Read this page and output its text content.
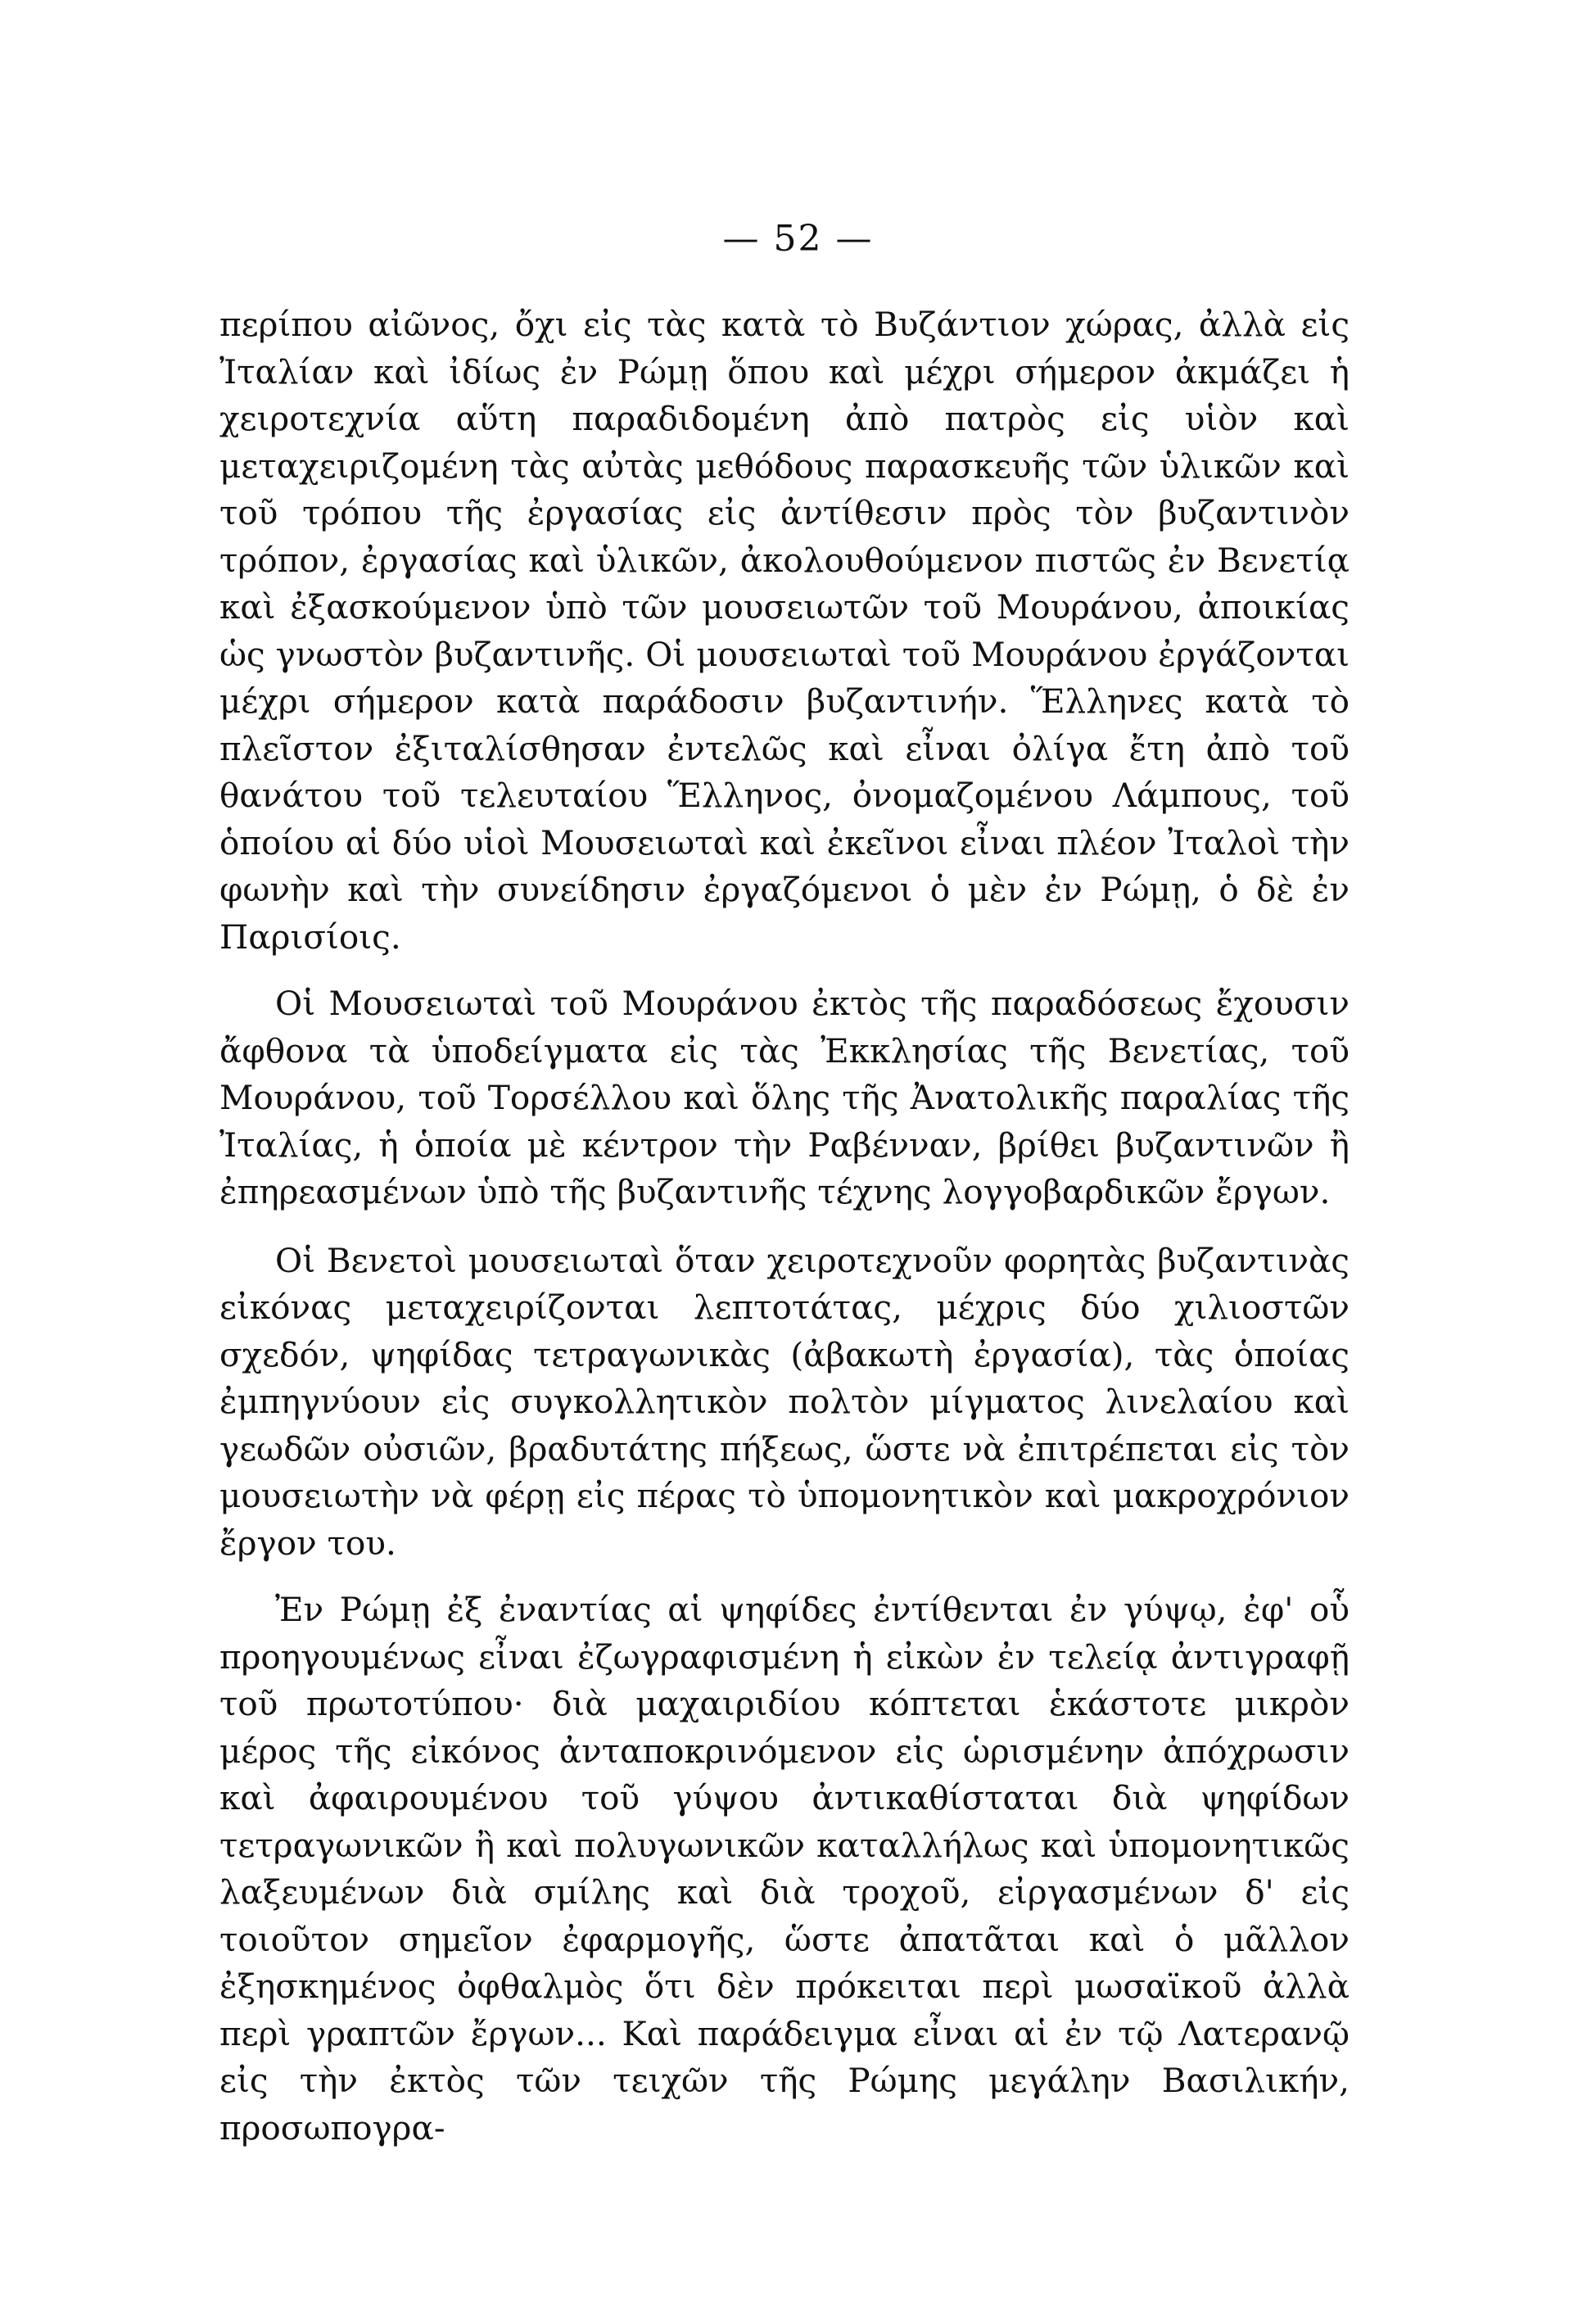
— 52 —

περίπου αἰῶνος, ὄχι εἰς τὰς κατὰ τὸ Βυζάντιον χώρας, ἀλλὰ εἰς Ἰταλίαν καὶ ἰδίως ἐν Ρώμῃ ὅπου καὶ μέχρι σήμερον ἀκμάζει ἡ χειροτεχνία αὕτη παραδιδομένη ἀπὸ πατρὸς εἰς υἱὸν καὶ μεταχειριζομένη τὰς αὐτὰς μεθόδους παρασκευῆς τῶν ὑλικῶν καὶ τοῦ τρόπου τῆς ἐργασίας εἰς ἀντίθεσιν πρὸς τὸν βυζαντινὸν τρόπον, ἐργασίας καὶ ὑλικῶν, ἀκολουθούμενον πιστῶς ἐν Βενετίᾳ καὶ ἐξασκούμενον ὑπὸ τῶν μουσειωτῶν τοῦ Μουράνου, ἀποικίας ὡς γνωστὸν βυζαντινῆς. Οἱ μουσειωταὶ τοῦ Μουράνου ἐργάζονται μέχρι σήμερον κατὰ παράδοσιν βυζαντινήν. Ἕλληνες κατὰ τὸ πλεῖστον ἐξιταλίσθησαν ἐντελῶς καὶ εἶναι ὀλίγα ἔτη ἀπὸ τοῦ θανάτου τοῦ τελευταίου Ἕλληνος, ὀνομαζομένου Λάμπους, τοῦ ὁποίου αἱ δύο υἱοὶ Μουσειωταὶ καὶ ἐκεῖνοι εἶναι πλέον Ἰταλοὶ τὴν φωνὴν καὶ τὴν συνείδησιν ἐργαζόμενοι ὁ μὲν ἐν Ρώμῃ, ὁ δὲ ἐν Παρισίοις.

Οἱ Μουσειωταὶ τοῦ Μουράνου ἐκτὸς τῆς παραδόσεως ἔχουσιν ἄφθονα τὰ ὑποδείγματα εἰς τὰς Ἐκκλησίας τῆς Βενετίας, τοῦ Μουράνου, τοῦ Τορσέλλου καὶ ὅλης τῆς Ἀνατολικῆς παραλίας τῆς Ἰταλίας, ἡ ὁποία μὲ κέντρον τὴν Ραβένναν, βρίθει βυζαντινῶν ἢ ἐπηρεασμένων ὑπὸ τῆς βυζαντινῆς τέχνης λογγοβαρδικῶν ἔργων.

Οἱ Βενετοὶ μουσειωταὶ ὅταν χειροτεχνοῦν φορητὰς βυζαντινὰς εἰκόνας μεταχειρίζονται λεπτοτάτας, μέχρις δύο χιλιοστῶν σχεδόν, ψηφίδας τετραγωνικὰς (ἀβακωτὴ ἐργασία), τὰς ὁποίας ἐμπηγνύουν εἰς συγκολλητικὸν πολτὸν μίγματος λινελαίου καὶ γεωδῶν οὐσιῶν, βραδυτάτης πήξεως, ὥστε νὰ ἐπιτρέπεται εἰς τὸν μουσειωτὴν νὰ φέρῃ εἰς πέρας τὸ ὑπομονητικὸν καὶ μακροχρόνιον ἔργον του.

Ἐν Ρώμῃ ἐξ ἐναντίας αἱ ψηφίδες ἐντίθενται ἐν γύψῳ, ἐφ' οὗ προηγουμένως εἶναι ἐζωγραφισμένη ἡ εἰκὼν ἐν τελείᾳ ἀντιγραφῇ τοῦ πρωτοτύπου· διὰ μαχαιριδίου κόπτεται ἑκάστοτε μικρὸν μέρος τῆς εἰκόνος ἀνταποκρινόμενον εἰς ὡρισμένην ἀπόχρωσιν καὶ ἀφαιρουμένου τοῦ γύψου ἀντικαθίσταται διὰ ψηφίδων τετραγωνικῶν ἢ καὶ πολυγωνικῶν καταλλήλως καὶ ὑπομονητικῶς λαξευμένων διὰ σμίλης καὶ διὰ τροχοῦ, εἰργασμένων δ' εἰς τοιοῦτον σημεῖον ἐφαρμογῆς, ὥστε ἀπατᾶται καὶ ὁ μᾶλλον ἐξησκημένος ὀφθαλμὸς ὅτι δὲν πρόκειται περὶ μωσαϊκοῦ ἀλλὰ περὶ γραπτῶν ἔργων... Καὶ παράδειγμα εἶναι αἱ ἐν τῷ Λατερανῷ εἰς τὴν ἐκτὸς τῶν τειχῶν τῆς Ρώμης μεγάλην Βασιλικήν, προσωπογρα-
